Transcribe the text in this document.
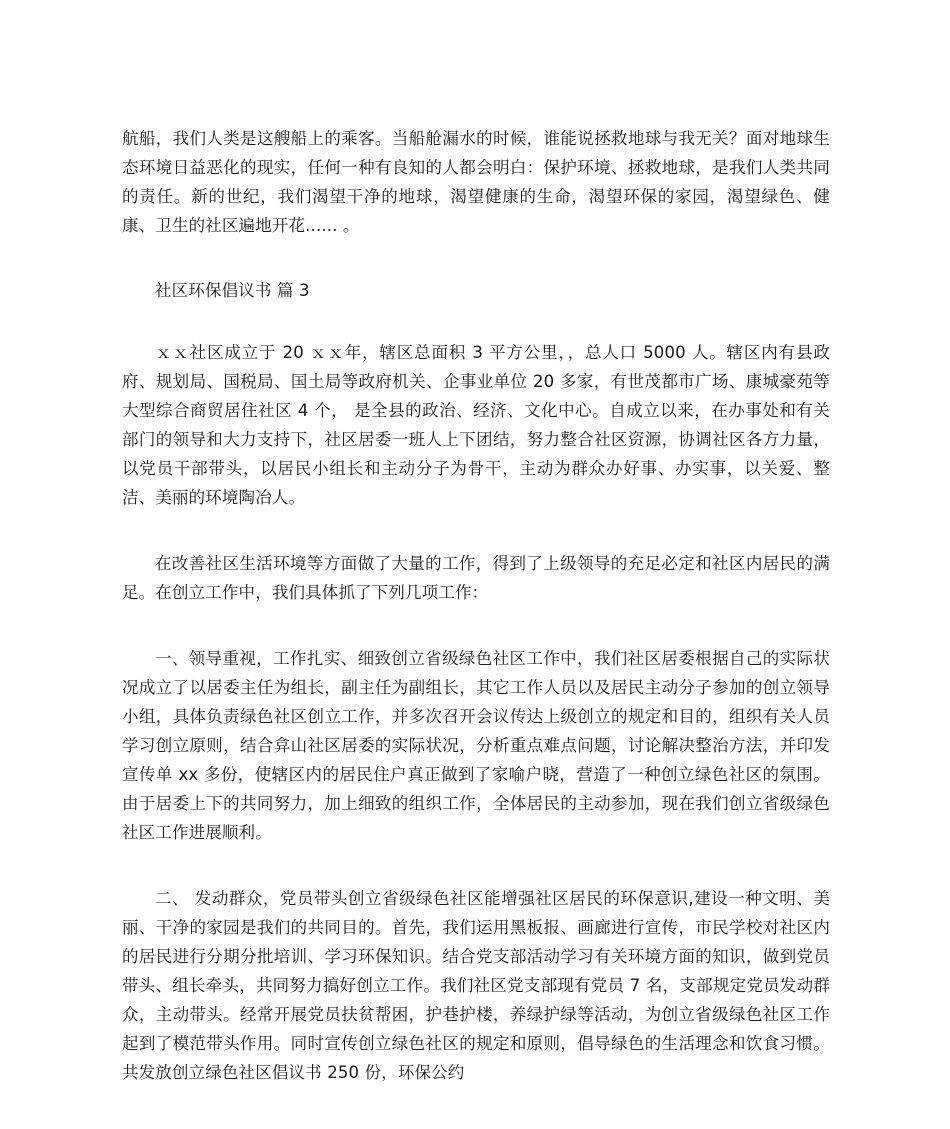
航船，我们人类是这艘船上的乘客。当船舱漏水的时候，谁能说拯救地球与我无关？面对地球生态环境日益恶化的现实，任何一种有良知的人都会明白：保护环境、拯救地球，是我们人类共同的责任。新的世纪，我们渴望干净的地球，渴望健康的生命，渴望环保的家园，渴望绿色、健康、卫生的社区遍地开花...... 。

社区环保倡议书 篇 3

ｘｘ社区成立于 20 ｘｘ年，辖区总面积 3 平方公里，，总人口 5000 人。辖区内有县政府、规划局、国税局、国土局等政府机关、企事业单位 20 多家，有世茂都市广场、康城豪苑等大型综合商贸居住社区 4 个， 是全县的政治、经济、文化中心。自成立以来，在办事处和有关部门的领导和大力支持下，社区居委一班人上下团结，努力整合社区资源，协调社区各方力量，以党员干部带头，以居民小组长和主动分子为骨干，主动为群众办好事、办实事，以关爱、整洁、美丽的环境陶冶人。

在改善社区生活环境等方面做了大量的工作，得到了上级领导的充足必定和社区内居民的满足。在创立工作中，我们具体抓了下列几项工作：

一、领导重视，工作扎实、细致创立省级绿色社区工作中，我们社区居委根据自己的实际状况成立了以居委主任为组长，副主任为副组长，其它工作人员以及居民主动分子参加的创立领导小组，具体负责绿色社区创立工作，并多次召开会议传达上级创立的规定和目的，组织有关人员学习创立原则，结合弇山社区居委的实际状况，分析重点难点问题，讨论解决整治方法，并印发宣传单 xx 多份，使辖区内的居民住户真正做到了家喻户晓，营造了一种创立绿色社区的氛围。由于居委上下的共同努力，加上细致的组织工作，全体居民的主动参加，现在我们创立省级绿色社区工作进展顺利。

二、 发动群众，党员带头创立省级绿色社区能增强社区居民的环保意识,建设一种文明、美丽、干净的家园是我们的共同目的。首先，我们运用黑板报、画廊进行宣传，市民学校对社区内的居民进行分期分批培训、学习环保知识。结合党支部活动学习有关环境方面的知识，做到党员带头、组长牵头，共同努力搞好创立工作。我们社区党支部现有党员 7 名，支部规定党员发动群众，主动带头。经常开展党员扶贫帮困，护巷护楼，养绿护绿等活动，为创立省级绿色社区工作起到了模范带头作用。同时宣传创立绿色社区的规定和原则，倡导绿色的生活理念和饮食习惯。共发放创立绿色社区倡议书 250 份，环保公约
